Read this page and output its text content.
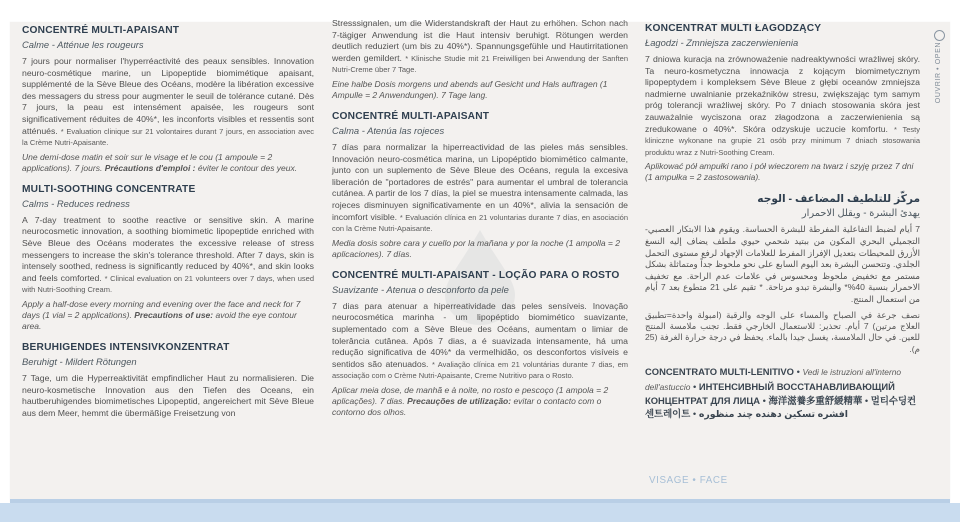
CONCENTRÉ MULTI-APAISANT
Calme - Atténue les rougeurs

7 jours pour normaliser l'hyperréactivité des peaux sensibles. Innovation neuro-cosmétique marine, un Lipopeptide biomimétique apaisant, supplémenté de la Sève Bleue des Océans, modère la libération excessive des messagers du stress pour augmenter le seuil de tolérance cutané. Dès 7 jours, la peau est intensément apaisée, les rougeurs sont significativement réduites de 40%*, les inconforts visibles et ressentis sont atténués. * Evaluation clinique sur 21 volontaires durant 7 jours, en association avec la Crème Nutri-Apaisante.

Une demi-dose matin et soir sur le visage et le cou (1 ampoule = 2 applications). 7 jours. Précautions d'emploi : éviter le contour des yeux.

MULTI-SOOTHING CONCENTRATE
Calms - Reduces redness

A 7-day treatment to soothe reactive or sensitive skin. A marine neurocosmetic innovation, a soothing biomimetic lipopeptide enriched with Sève Bleue des Océans moderates the excessive release of stress messengers to increase the skin's tolerance threshold. After 7 days, skin is intensely soothed, redness is significantly reduced by 40%*, and skin looks and feels comforted. * Clinical evaluation on 21 volunteers over 7 days, when used with Nutri-Soothing Cream.

Apply a half-dose every morning and evening over the face and neck for 7 days (1 vial = 2 applications). Precautions of use: avoid the eye contour area.

BERUHIGENDES INTENSIVKONZENTRAT
Beruhigt - Mildert Rötungen

7 Tage, um die Hyperreaktivität empfindlicher Haut zu normalisieren. Die neuro-kosmetische Innovation aus den Tiefen des Oceans, ein hautberuhigendes biomimetisches Lipopeptid, angereichert mit Sève Bleue aus dem Meer, hemmt die übermäßige Freisetzung von

Stresssignalen, um die Widerstandskraft der Haut zu erhöhen. Schon nach 7-tägiger Anwendung ist die Haut intensiv beruhigt. Rötungen werden deutlich reduziert (um bis zu 40%*). Spannungsgefühle und Hautirritationen werden gemildert. * Klinische Studie mit 21 Freiwilligen bei Anwendung der Sanften Nutri-Creme über 7 Tage.

Eine halbe Dosis morgens und abends auf Gesicht und Hals auftragen (1 Ampulle = 2 Anwendungen). 7 Tage lang.

CONCENTRÉ MULTI-APAISANT
Calma - Atenúa las rojeces

7 días para normalizar la hiperreactividad de las pieles más sensibles. Innovación neuro-cosmética marina, un Lipopéptido biomimético calmante, junto con un suplemento de Sève Bleue des Océans, regula la excesiva liberación de "portadores de estrés" para aumentar el umbral de tolerancia cutánea. A partir de los 7 días, la piel se muestra intensamente calmada, las rojeces disminuyen significativamente en un 40%*, alivia la sensación de incomfort visible. * Evaluación clínica en 21 voluntarias durante 7 días, en asociación con la Crème Nutri-Apaisante.

Media dosis sobre cara y cuello por la mañana y por la noche (1 ampolla = 2 aplicaciones). 7 días.

CONCENTRÉ MULTI-APAISANT - LOÇÃO PARA O ROSTO
Suavizante - Atenua o desconforto da pele

7 dias para atenuar a hiperreatividade das peles sensíveis. Inovação neurocosmética marinha - um lipopéptido biomimético suavizante, suplementado com a Sève Bleue des Océans, aumentam o limiar de tolerância cutânea. Após 7 dias, a é suavizada intensamente, há uma redução significativa de 40%* da vermelhidão, os desconfortos visíveis e sentidos são atenuados. * Avaliação clínica em 21 voluntárias durante 7 dias, em associação com o Crème Nutri-Apaisante, Creme Nutritivo para o Rosto.

Aplicar meia dose, de manhã e à noite, no rosto e pescoço (1 ampola = 2 aplicações). 7 dias. Precauções de utilização: evitar o contacto com o contorno dos olhos.

KONCENTRAT MULTI ŁAGODZĄCY
Łagodzi - Zmniejsza zaczerwienienia

7 dniowa kuracja na zrównoważenie nadreaktywności wrażliwej skóry. Ta neuro-kosmetyczna innowacja z kojącym biomimetycznym lipopeptydem i kompleksem Sève Bleue z głębi oceanów zmniejsza nadmierne uwalnianie przekaźników stresu, zwiększając tym samym próg tolerancji wrażliwej skóry. Po 7 dniach stosowania skóra jest zauważalnie wyciszona oraz złagodzona a zaczerwienienia są zredukowane o 40%*. Skóra odzyskuje uczucie komfortu. * Testy kliniczne wykonane na grupie 21 osób przy minimum 7 dniach stosowania produktu wraz z Nutri-Soothing Cream.

Aplikować pół ampułki rano i pół wieczorem na twarz i szyję przez 7 dni (1 ampułka = 2 zastosowania).

مركّز للتلطيف المضاعف - الوجه
يهدئ البشرة - ويقلل الاحمرار

7 أيام لضبط التفاعلية المفرطة للبشرة الحساسة. ويقوم هذا الابتكار العصبي-التجميلي البحري المكون من ببتيد شحمي حيوي ملطف يضاف إليه النسغ الأزرق للمحيطات بتعديل الإفراز المفرط للعلامات الإجهاد لرفع مستوى التحمل الجلدي. وتتحسن البشرة بعد اليوم السابع على نحو ملحوظ جداً ومتماثلة بشكل مستمر مع تخفيض ملحوظ ومحسوس في علامات عدم الراحة. مع تخفيف الاحمرار بنسبة 40%* والبشرة تبدو مرتاحة. * تقيم على 21 متطوع بعد 7 أيام من استعمال المنتج.

نصف جرعة في الصباح والمساء على الوجه والرقبة (امبولة واحدة=تطبيق العلاج مرتين) 7 أيام. تحذير: للاستعمال الخارجي فقط. تجنب ملامسة المنتج للعين. في حال الملامسة، يغسل جيدا بالماء. يحفظ في درجة حرارة الغرفة (25 م).

CONCENTRATO MULTI-LENITIVO • Vedi le istruzioni all'interno dell'astuccio • ИНТЕНСИВНЫЙ ВОССТАНАВЛИВАЮЩИЙ КОНЦЕНТРАТ ДЛЯ ЛИЦА • 海洋滋養多重舒緩精華 • 멀티수딩컨센트레이트 • افشره تسكين دهنده چند منظوره
VISAGE • FACE
OUVRIR • OPEN
